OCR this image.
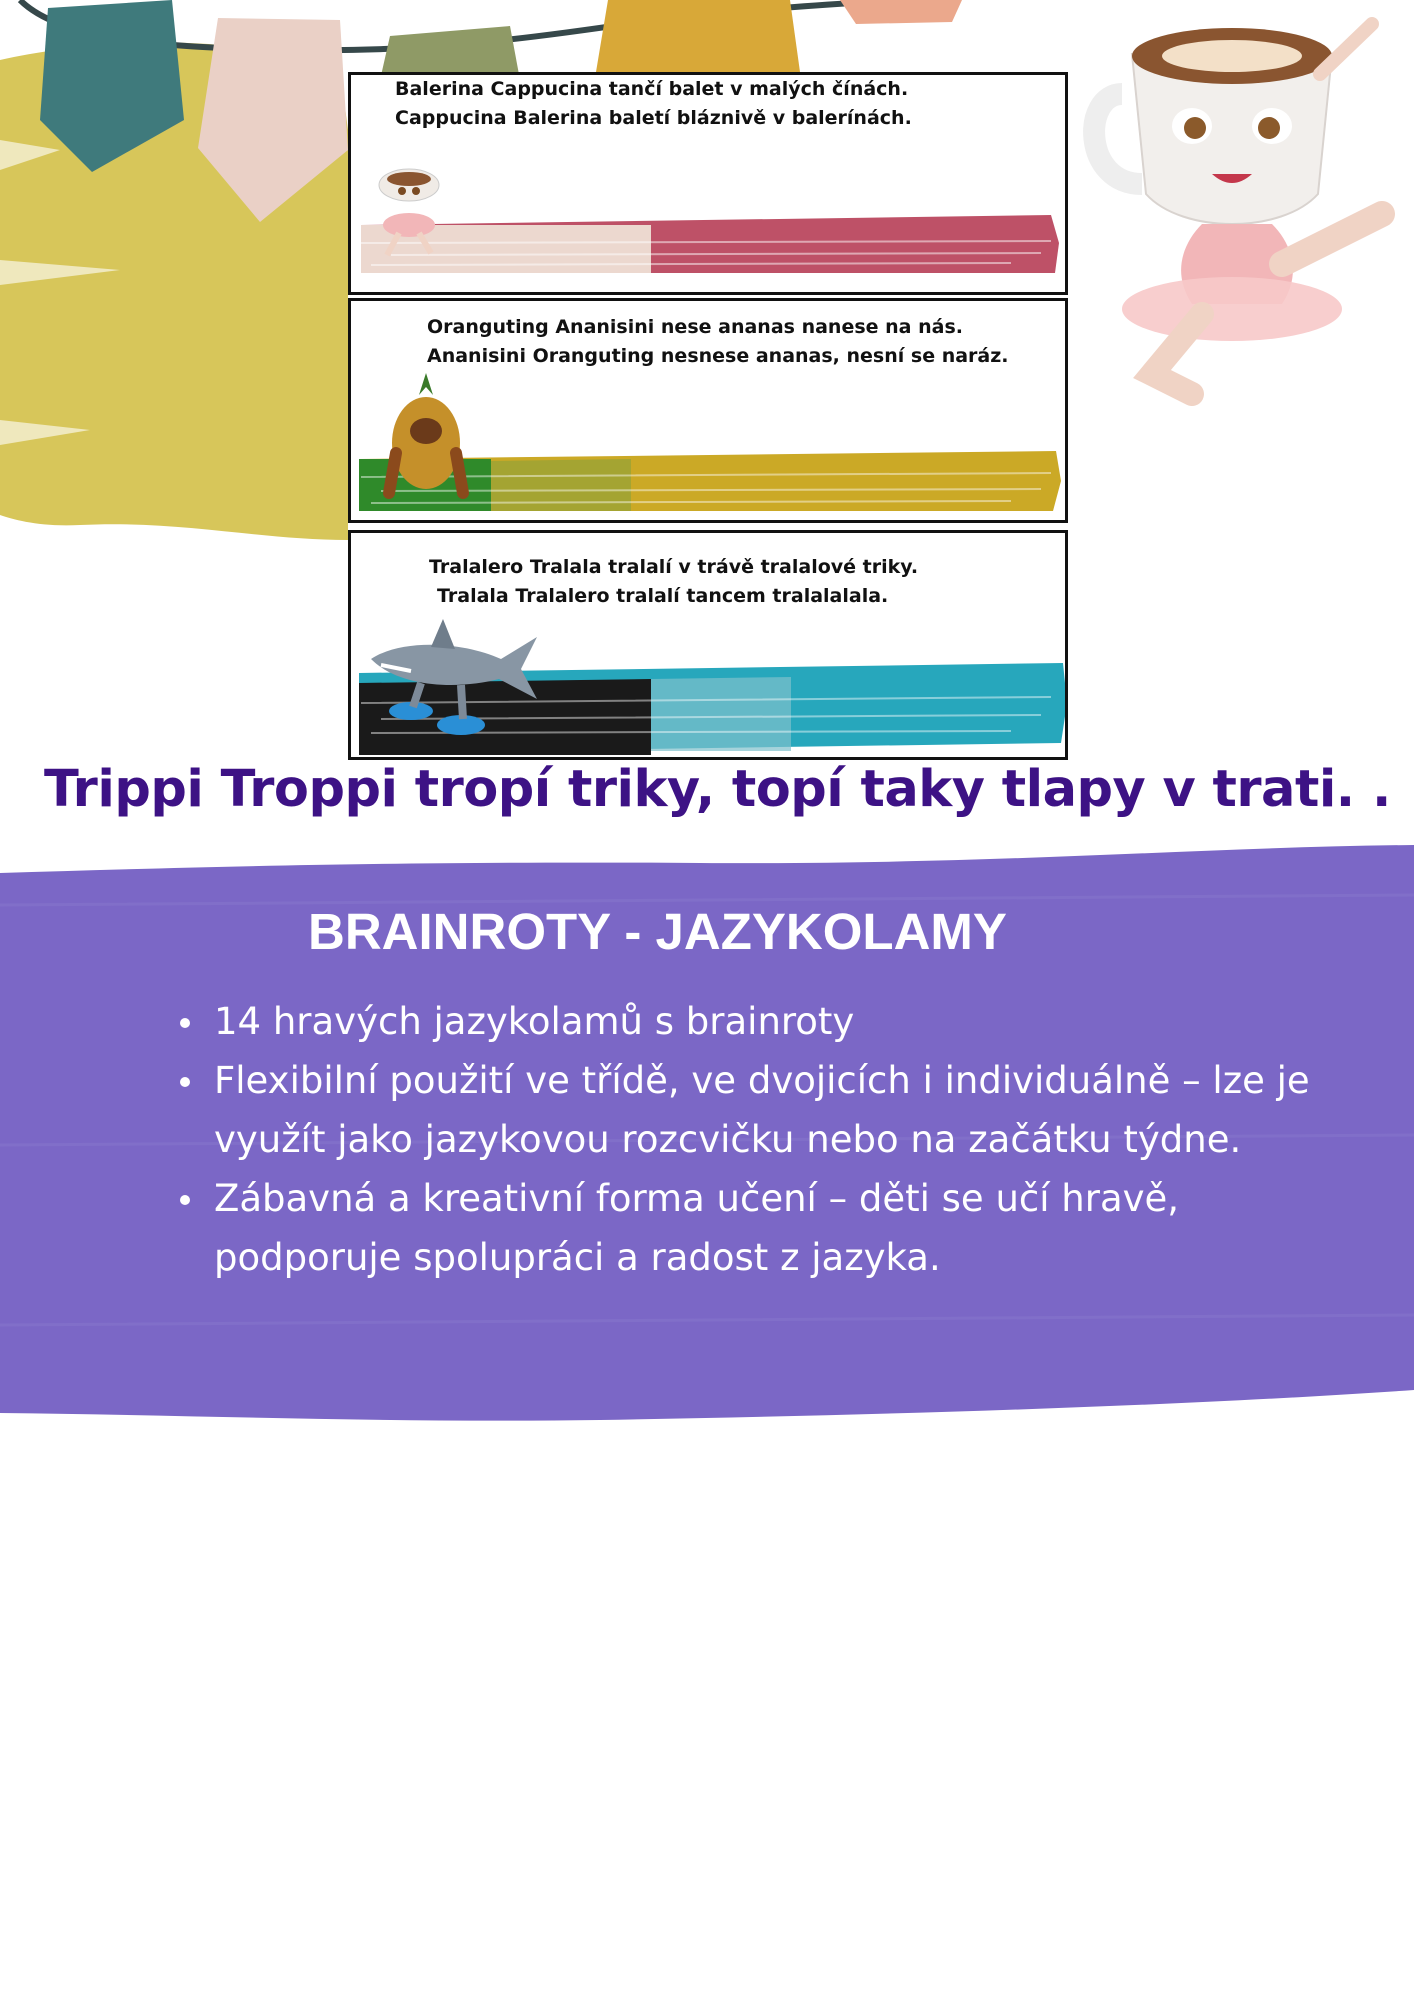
Balerina Cappucina tančí balet v malých čínách.
Cappucina Balerina baletí bláznivě v balerínách.
Oranguting Ananisini nese ananas nanese na nás.
Ananisini Oranguting nesnese ananas, nesní se naráz.
Tralalero Tralala tralalí v trávě tralalové triky.
Tralala Tralalero tralalí tancem tralalalala.
Trippi Troppi tropí triky, topí taky tlapy v trati. .
BRAINROTY - JAZYKOLAMY
14 hravých jazykolamů s brainroty
Flexibilní použití ve třídě, ve dvojicích i individuálně – lze je využít jako jazykovou rozcvičku nebo na začátku týdne.
Zábavná a kreativní forma učení – děti se učí hravě, podporuje spolupráci a radost z jazyka.
